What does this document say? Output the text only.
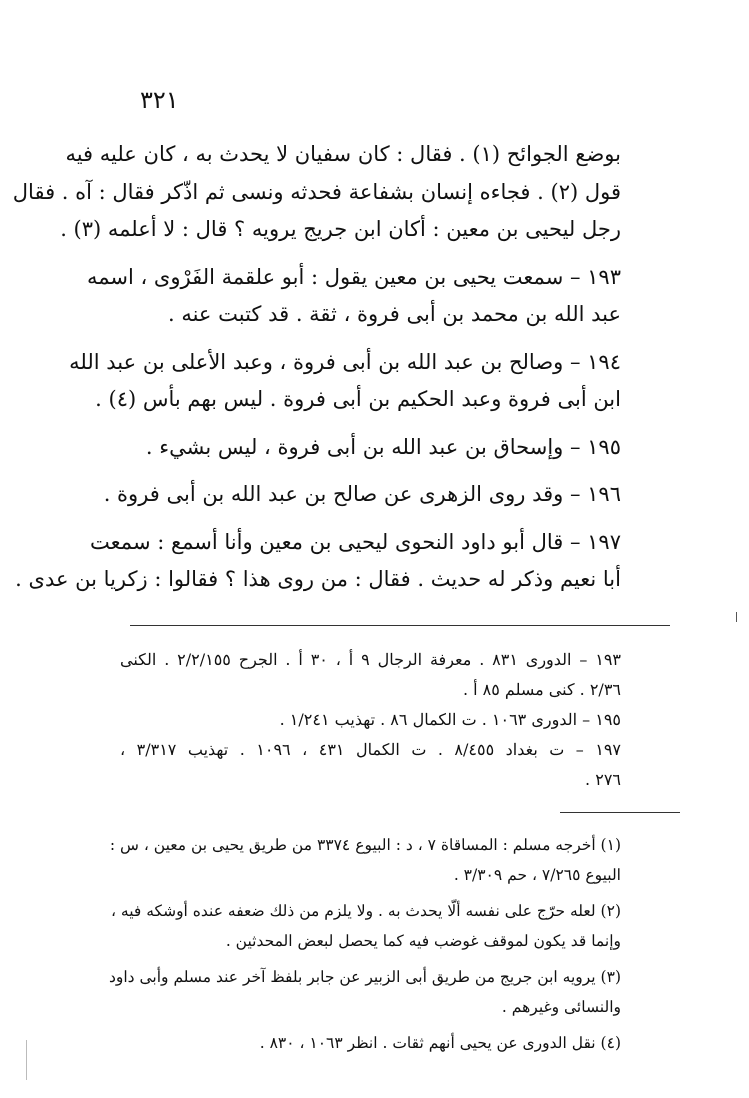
٣٢١
بوضع الجوائح (١) . فقال : كان سفيان لا يحدث به ، كان عليه فيه
قول (٢) . فجاءه إنسان بشفاعة فحدثه ونسى ثم اذّكر فقال : آه . فقال
رجل ليحيى بن معين : أكان ابن جريج يرويه ؟ قال : لا أعلمه (٣) .
١٩٣ – سمعت يحيى بن معين يقول : أبو علقمة الفَرْوى ، اسمه
عبد الله بن محمد بن أبى فروة ، ثقة . قد كتبت عنه .
١٩٤ – وصالح بن عبد الله بن أبى فروة ، وعبد الأعلى بن عبد الله
ابن أبى فروة وعبد الحكيم بن أبى فروة . ليس بهم بأس (٤) .
١٩٥ – وإسحاق بن عبد الله بن أبى فروة ، ليس بشيء .
١٩٦ – وقد روى الزهرى عن صالح بن عبد الله بن أبى فروة .
١٩٧ – قال أبو داود النحوى ليحيى بن معين وأنا أسمع : سمعت
أبا نعيم وذكر له حديث . فقال : من روى هذا ؟ فقالوا : زكريا بن عدى .
١٩٣ – الدورى ٨٣١ . معرفة الرجال ٩ أ ، ٣٠ أ . الجرح ٢/٢/١٥٥ . الكنى
٢/٣٦ . كنى مسلم ٨٥ أ .
١٩٥ – الدورى ١٠٦٣ . ت الكمال ٨٦ . تهذيب ١/٢٤١ .
١٩٧ – ت بغداد ٨/٤٥٥ . ت الكمال ٤٣١ ، ١٠٩٦ . تهذيب ٣/٣١٧ ،
٢٧٦ .
(١) أخرجه مسلم : المساقاة ٧ ، د : البيوع ٣٣٧٤ من طريق يحيى بن معين ، س :
البيوع ٧/٢٦٥ ، حم ٣/٣٠٩ .
(٢) لعله حرّج على نفسه ألّا يحدث به . ولا يلزم من ذلك ضعفه عنده أوشكه فيه ،
وإنما قد يكون لموقف غوضب فيه كما يحصل لبعض المحدثين .
(٣) يرويه ابن جريج من طريق أبى الزبير عن جابر بلفظ آخر عند مسلم وأبى داود
والنسائى وغيرهم .
(٤) نقل الدورى عن يحيى أنهم ثقات . انظر ١٠٦٣ ، ٨٣٠ .
